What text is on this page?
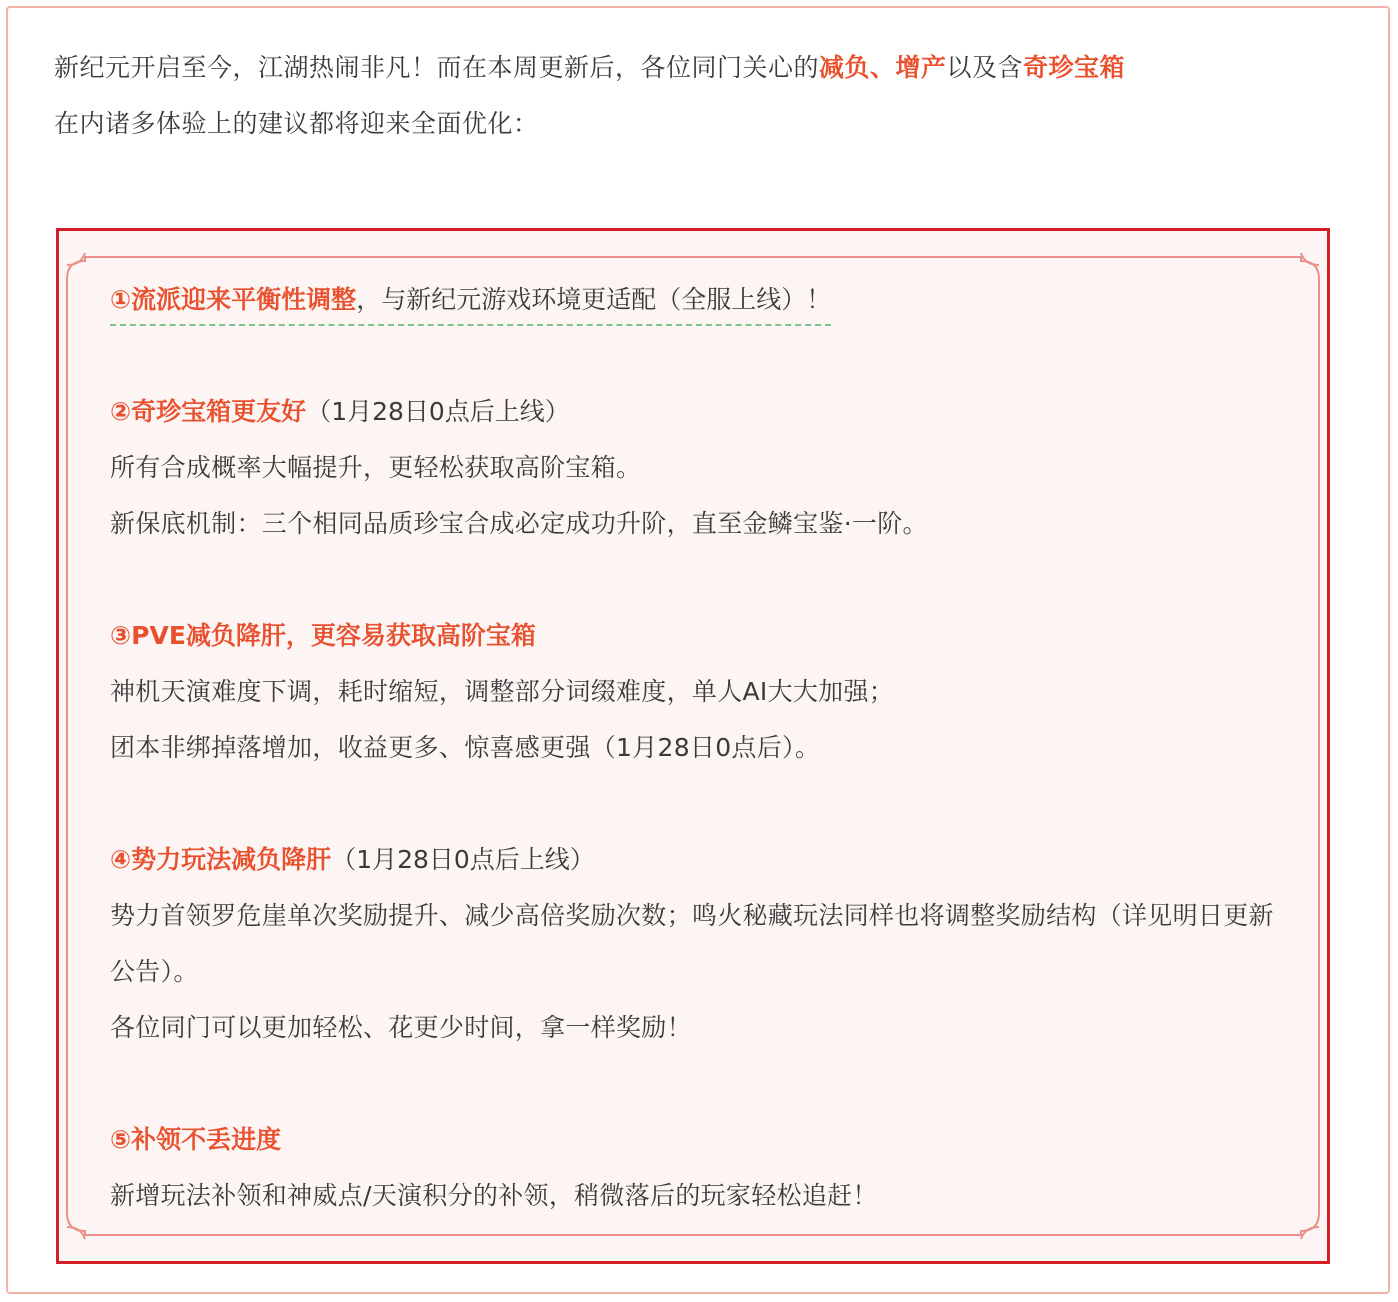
新纪元开启至今，江湖热闹非凡！而在本周更新后，各位同门关心的减负、增产以及含奇珍宝箱
在内诸多体验上的建议都将迎来全面优化：
①流派迎来平衡性调整，与新纪元游戏环境更适配（全服上线）！
②奇珍宝箱更友好（1月28日0点后上线）
所有合成概率大幅提升，更轻松获取高阶宝箱。
新保底机制：三个相同品质珍宝合成必定成功升阶，直至金鳞宝鉴·一阶。
③PVE减负降肝，更容易获取高阶宝箱
神机天演难度下调，耗时缩短，调整部分词缀难度，单人AI大大加强；
团本非绑掉落增加，收益更多、惊喜感更强（1月28日0点后）。
④势力玩法减负降肝（1月28日0点后上线）
势力首领罗危崖单次奖励提升、减少高倍奖励次数；鸣火秘藏玩法同样也将调整奖励结构（详见明日更新公告）。
各位同门可以更加轻松、花更少时间，拿一样奖励！
⑤补领不丢进度
新增玩法补领和神威点/天演积分的补领，稍微落后的玩家轻松追赶！
